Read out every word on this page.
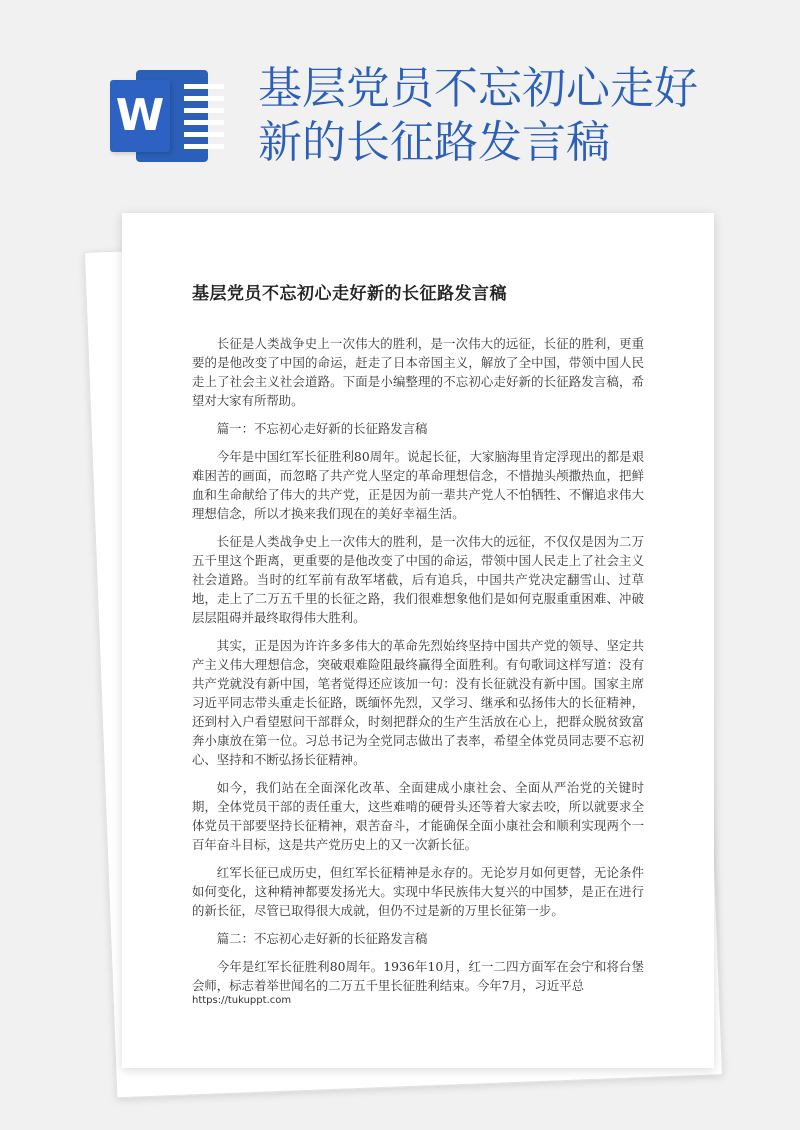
W
基层党员不忘初心走好新的长征路发言稿
基层党员不忘初心走好新的长征路发言稿

长征是人类战争史上一次伟大的胜利，是一次伟大的远征，长征的胜利，更重要的是他改变了中国的命运，赶走了日本帝国主义，解放了全中国，带领中国人民走上了社会主义社会道路。下面是小编整理的不忘初心走好新的长征路发言稿，希望对大家有所帮助。

篇一：不忘初心走好新的长征路发言稿

今年是中国红军长征胜利80周年。说起长征，大家脑海里肯定浮现出的都是艰难困苦的画面，而忽略了共产党人坚定的革命理想信念，不惜抛头颅撒热血，把鲜血和生命献给了伟大的共产党，正是因为前一辈共产党人不怕牺牲、不懈追求伟大理想信念，所以才换来我们现在的美好幸福生活。

长征是人类战争史上一次伟大的胜利，是一次伟大的远征，不仅仅是因为二万五千里这个距离，更重要的是他改变了中国的命运，带领中国人民走上了社会主义社会道路。当时的红军前有敌军堵截，后有追兵，中国共产党决定翻雪山、过草地，走上了二万五千里的长征之路，我们很难想象他们是如何克服重重困难、冲破层层阻碍并最终取得伟大胜利。

其实，正是因为许许多多伟大的革命先烈始终坚持中国共产党的领导、坚定共产主义伟大理想信念，突破艰难险阻最终赢得全面胜利。有句歌词这样写道：没有共产党就没有新中国，笔者觉得还应该加一句：没有长征就没有新中国。国家主席习近平同志带头重走长征路，既缅怀先烈，又学习、继承和弘扬伟大的长征精神，还到村入户看望慰问干部群众，时刻把群众的生产生活放在心上，把群众脱贫致富奔小康放在第一位。习总书记为全党同志做出了表率，希望全体党员同志要不忘初心、坚持和不断弘扬长征精神。

如今，我们站在全面深化改革、全面建成小康社会、全面从严治党的关键时期，全体党员干部的责任重大，这些难啃的硬骨头还等着大家去咬，所以就要求全体党员干部要坚持长征精神，艰苦奋斗，才能确保全面小康社会和顺利实现两个一百年奋斗目标，这是共产党历史上的又一次新长征。

红军长征已成历史，但红军长征精神是永存的。无论岁月如何更替，无论条件如何变化，这种精神都要发扬光大。实现中华民族伟大复兴的中国梦，是正在进行的新长征，尽管已取得很大成就，但仍不过是新的万里长征第一步。

篇二：不忘初心走好新的长征路发言稿

今年是红军长征胜利80周年。1936年10月，红一二四方面军在会宁和将台堡会师，标志着举世闻名的二万五千里长征胜利结束。今年7月，习近平总

https://tukuppt.com
